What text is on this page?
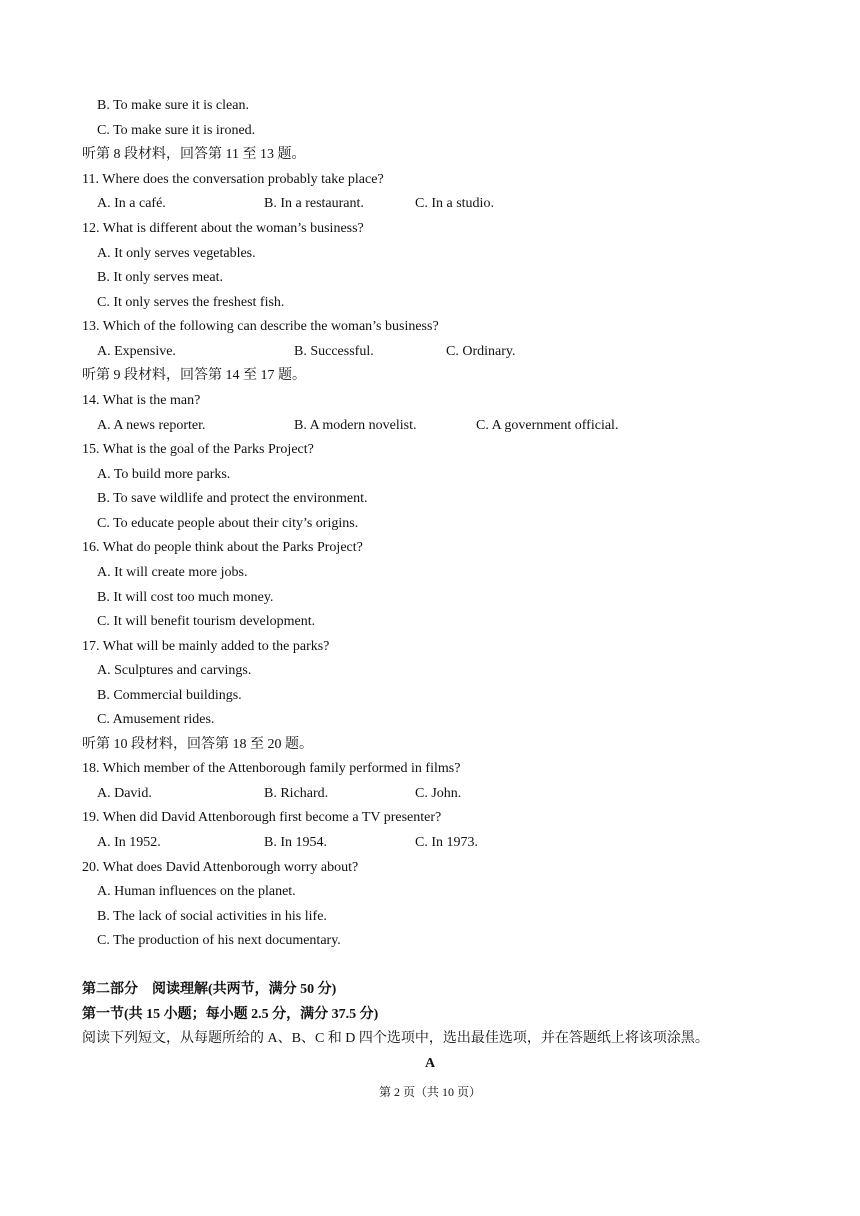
B. To make sure it is clean.
C. To make sure it is ironed.
听第 8 段材料，回答第 11 至 13 题。
11. Where does the conversation probably take place?
A. In a café.	B. In a restaurant.	C. In a studio.
12. What is different about the woman’s business?
A. It only serves vegetables.
B. It only serves meat.
C. It only serves the freshest fish.
13. Which of the following can describe the woman’s business?
A. Expensive.	B. Successful.	C. Ordinary.
听第 9 段材料，回答第 14 至 17 题。
14. What is the man?
A. A news reporter.	B. A modern novelist.	C. A government official.
15. What is the goal of the Parks Project?
A. To build more parks.
B. To save wildlife and protect the environment.
C. To educate people about their city’s origins.
16. What do people think about the Parks Project?
A. It will create more jobs.
B. It will cost too much money.
C. It will benefit tourism development.
17. What will be mainly added to the parks?
A. Sculptures and carvings.
B. Commercial buildings.
C. Amusement rides.
听第 10 段材料，回答第 18 至 20 题。
18. Which member of the Attenborough family performed in films?
A. David.	B. Richard.	C. John.
19. When did David Attenborough first become a TV presenter?
A. In 1952.	B. In 1954.	C. In 1973.
20. What does David Attenborough worry about?
A. Human influences on the planet.
B. The lack of social activities in his life.
C. The production of his next documentary.
第二部分　阅读理解(共两节，满分 50 分)
第一节(共 15 小题；每小题 2.5 分，满分 37.5 分)
阅读下列短文，从每题所给的 A、B、C 和 D 四个选项中，选出最佳选项，并在答题纸上将该项涂黑。
A
第 2 页（共 10 页）
